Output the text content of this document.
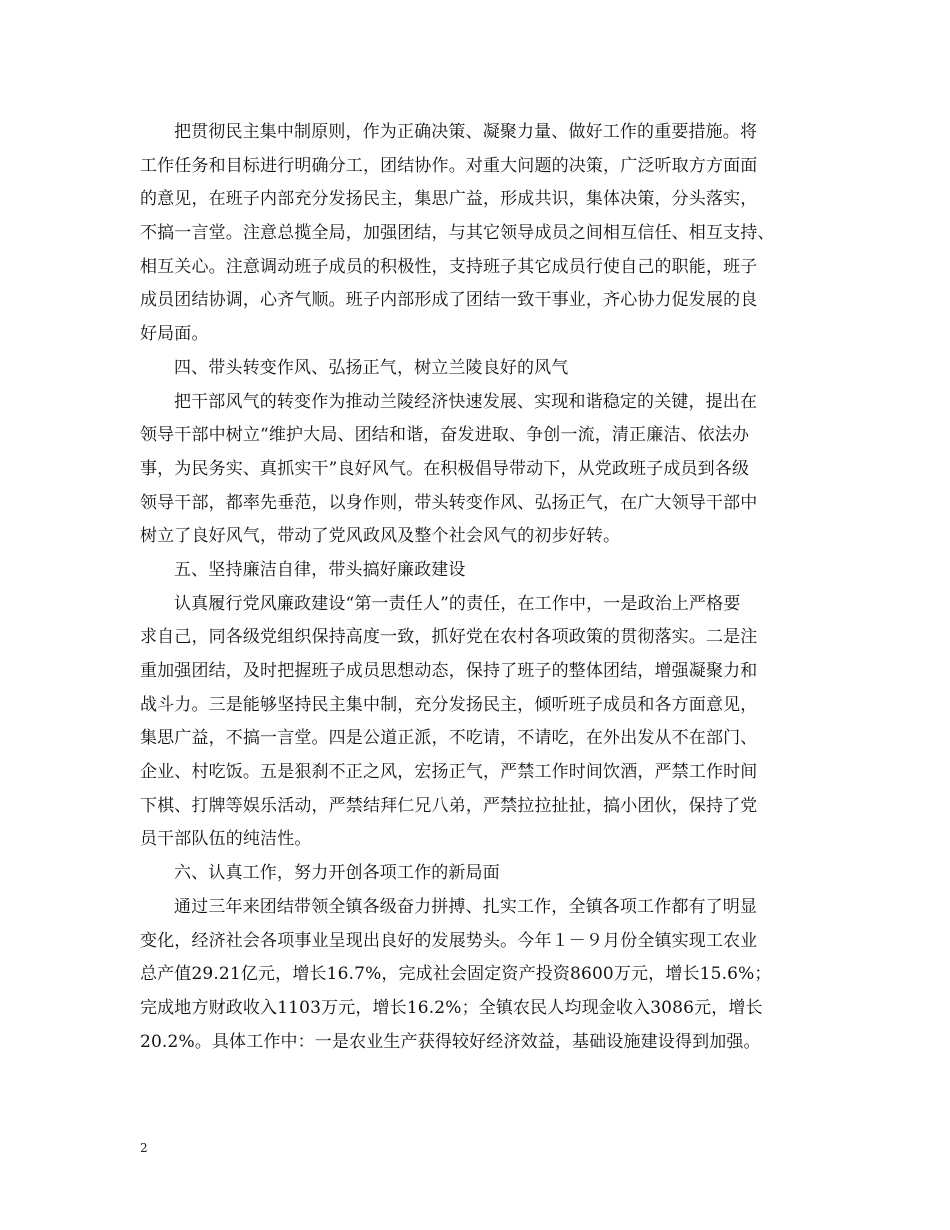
把贯彻民主集中制原则，作为正确决策、凝聚力量、做好工作的重要措施。将
工作任务和目标进行明确分工，团结协作。对重大问题的决策，广泛听取方方面面
的意见，在班子内部充分发扬民主，集思广益，形成共识，集体决策，分头落实，
不搞一言堂。注意总揽全局，加强团结，与其它领导成员之间相互信任、相互支持、
相互关心。注意调动班子成员的积极性，支持班子其它成员行使自己的职能，班子
成员团结协调，心齐气顺。班子内部形成了团结一致干事业，齐心协力促发展的良
好局面。
四、带头转变作风、弘扬正气，树立兰陵良好的风气
把干部风气的转变作为推动兰陵经济快速发展、实现和谐稳定的关键，提出在
领导干部中树立“维护大局、团结和谐，奋发进取、争创一流，清正廉洁、依法办
事，为民务实、真抓实干”良好风气。在积极倡导带动下，从党政班子成员到各级
领导干部，都率先垂范，以身作则，带头转变作风、弘扬正气，在广大领导干部中
树立了良好风气，带动了党风政风及整个社会风气的初步好转。
五、坚持廉洁自律，带头搞好廉政建设
认真履行党风廉政建设“第一责任人”的责任，在工作中，一是政治上严格要
求自己，同各级党组织保持高度一致，抓好党在农村各项政策的贯彻落实。二是注
重加强团结，及时把握班子成员思想动态，保持了班子的整体团结，增强凝聚力和
战斗力。三是能够坚持民主集中制，充分发扬民主，倾听班子成员和各方面意见，
集思广益，不搞一言堂。四是公道正派，不吃请，不请吃，在外出发从不在部门、
企业、村吃饭。五是狠刹不正之风，宏扬正气，严禁工作时间饮酒，严禁工作时间
下棋、打牌等娱乐活动，严禁结拜仁兄八弟，严禁拉拉扯扯，搞小团伙，保持了党
员干部队伍的纯洁性。
六、认真工作，努力开创各项工作的新局面
通过三年来团结带领全镇各级奋力拼搏、扎实工作，全镇各项工作都有了明显
变化，经济社会各项事业呈现出良好的发展势头。今年１－９月份全镇实现工农业
总产值29.21亿元，增长16.7%，完成社会固定资产投资8600万元，增长15.6%；
完成地方财政收入1103万元，增长16.2%；全镇农民人均现金收入3086元，增长
20.2%。具体工作中：一是农业生产获得较好经济效益，基础设施建设得到加强。
2
